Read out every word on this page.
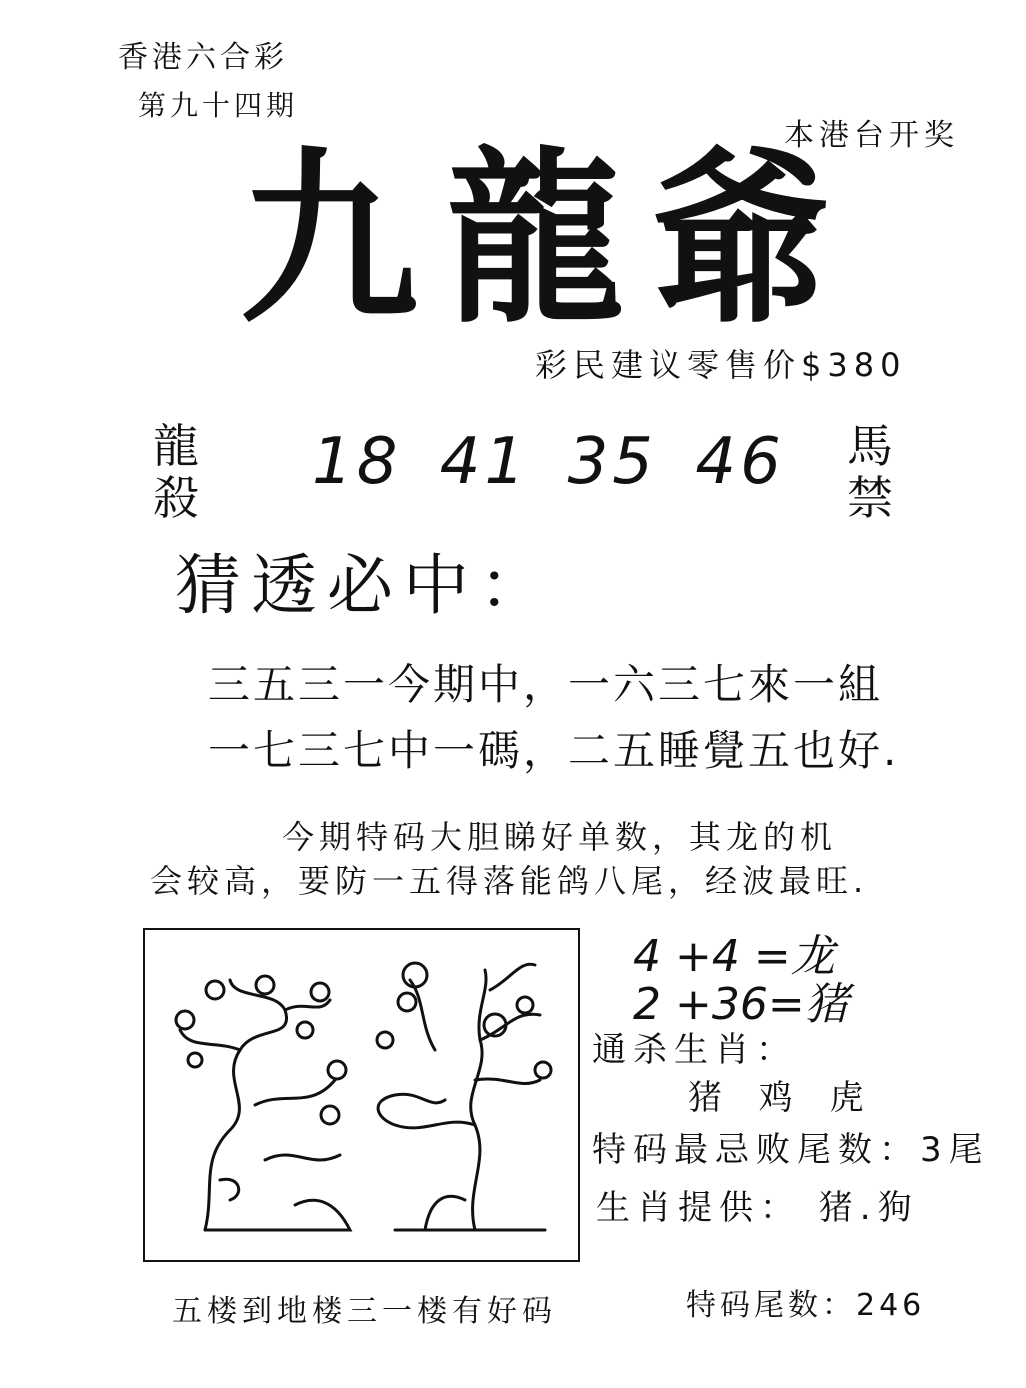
香港六合彩
第九十四期
本港台开奖
九龍爺
彩民建议零售价$380
龍殺 18 41 35 46 馬禁
猜透必中：
三五三一今期中，一六三七來一組
一七三七中一碼，二五睡覺五也好.
今期特码大胆睇好单数，其龙的机
会较高，要防一五得落能鸽八尾，经波最旺.
4 +4 =龙
2 +36=猪
通杀生肖：
猪 鸡 虎
特码最忌败尾数：3尾
生肖提供： 猪.狗
五楼到地楼三一楼有好码	特码尾数：246
